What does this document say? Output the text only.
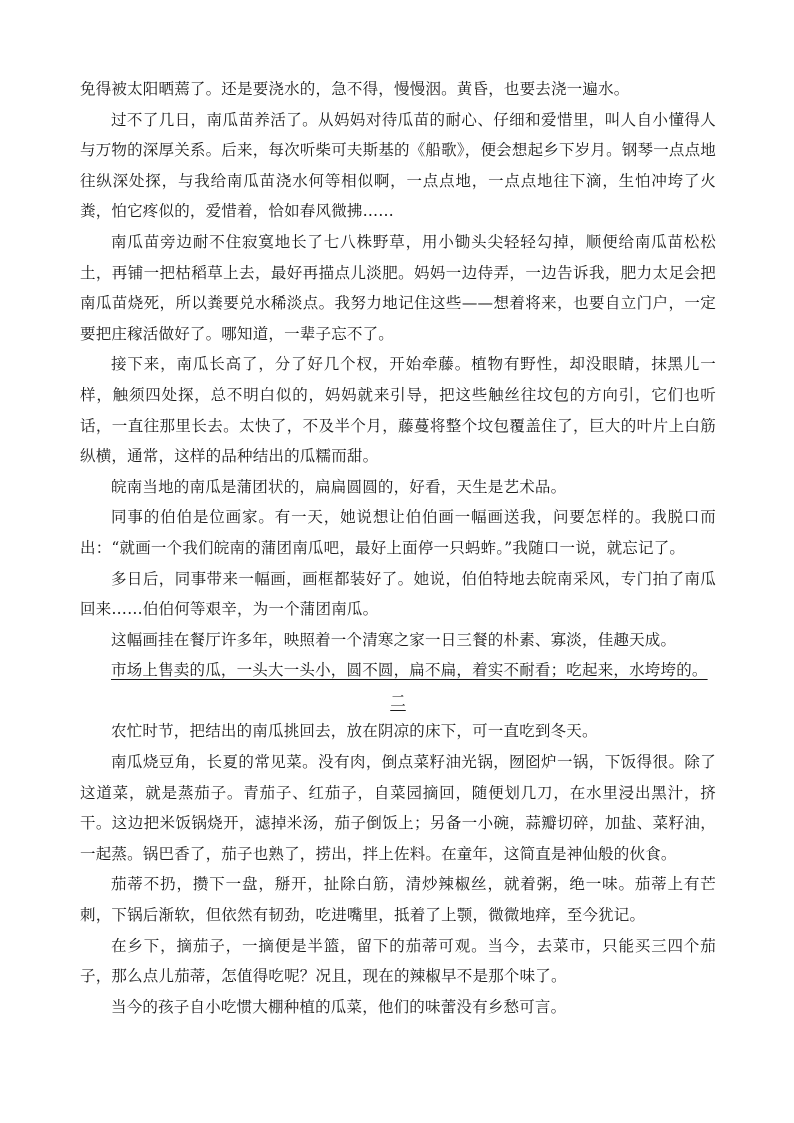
免得被太阳晒蔫了。还是要浇水的，急不得，慢慢洇。黄昏，也要去浇一遍水。

过不了几日，南瓜苗养活了。从妈妈对待瓜苗的耐心、仔细和爱惜里，叫人自小懂得人与万物的深厚关系。后来，每次听柴可夫斯基的《船歌》，便会想起乡下岁月。钢琴一点点地往纵深处探，与我给南瓜苗浇水何等相似啊，一点点地，一点点地往下滴，生怕冲垮了火粪，怕它疼似的，爱惜着，恰如春风微拂……

南瓜苗旁边耐不住寂寞地长了七八株野草，用小锄头尖轻轻勾掉，顺便给南瓜苗松松土，再铺一把枯稻草上去，最好再描点儿淡肥。妈妈一边侍弄，一边告诉我，肥力太足会把南瓜苗烧死，所以粪要兑水稀淡点。我努力地记住这些——想着将来，也要自立门户，一定要把庄稼活做好了。哪知道，一辈子忘不了。

接下来，南瓜长高了，分了好几个杈，开始牵藤。植物有野性，却没眼睛，抹黑儿一样，触须四处探，总不明白似的，妈妈就来引导，把这些触丝往坟包的方向引，它们也听话，一直往那里长去。太快了，不及半个月，藤蔓将整个坟包覆盖住了，巨大的叶片上白筋纵横，通常，这样的品种结出的瓜糯而甜。

皖南当地的南瓜是蒲团状的，扁扁圆圆的，好看，天生是艺术品。

同事的伯伯是位画家。有一天，她说想让伯伯画一幅画送我，问要怎样的。我脱口而出：“就画一个我们皖南的蒲团南瓜吧，最好上面停一只蚂蚱。”我随口一说，就忘记了。

多日后，同事带来一幅画，画框都装好了。她说，伯伯特地去皖南采风，专门拍了南瓜回来……伯伯何等艰辛，为一个蒲团南瓜。

这幅画挂在餐厅许多年，映照着一个清寒之家一日三餐的朴素、寡淡，佳趣天成。

市场上售卖的瓜，一头大一头小，圆不圆，扁不扁，着实不耐看；吃起来，水垮垮的。

二

农忙时节，把结出的南瓜挑回去，放在阴凉的床下，可一直吃到冬天。

南瓜烧豆角，长夏的常见菜。没有肉，倒点菜籽油光锅，囫囵炉一锅，下饭得很。除了这道菜，就是蒸茄子。青茄子、红茄子，自菜园摘回，随便划几刀，在水里浸出黑汁，挤干。这边把米饭锅烧开，滤掉米汤，茄子倒饭上；另备一小碗，蒜瓣切碎，加盐、菜籽油，一起蒸。锅巴香了，茄子也熟了，捞出，拌上佐料。在童年，这简直是神仙般的伙食。

茄蒂不扔，攒下一盘，掰开，扯除白筋，清炒辣椒丝，就着粥，绝一味。茄蒂上有芒刺，下锅后渐软，但依然有韧劲，吃进嘴里，抵着了上颚，微微地痒，至今犹记。

在乡下，摘茄子，一摘便是半篮，留下的茄蒂可观。当今，去菜市，只能买三四个茄子，那么点儿茄蒂，怎值得吃呢？况且，现在的辣椒早不是那个味了。

当今的孩子自小吃惯大棚种植的瓜菜，他们的味蕾没有乡愁可言。
